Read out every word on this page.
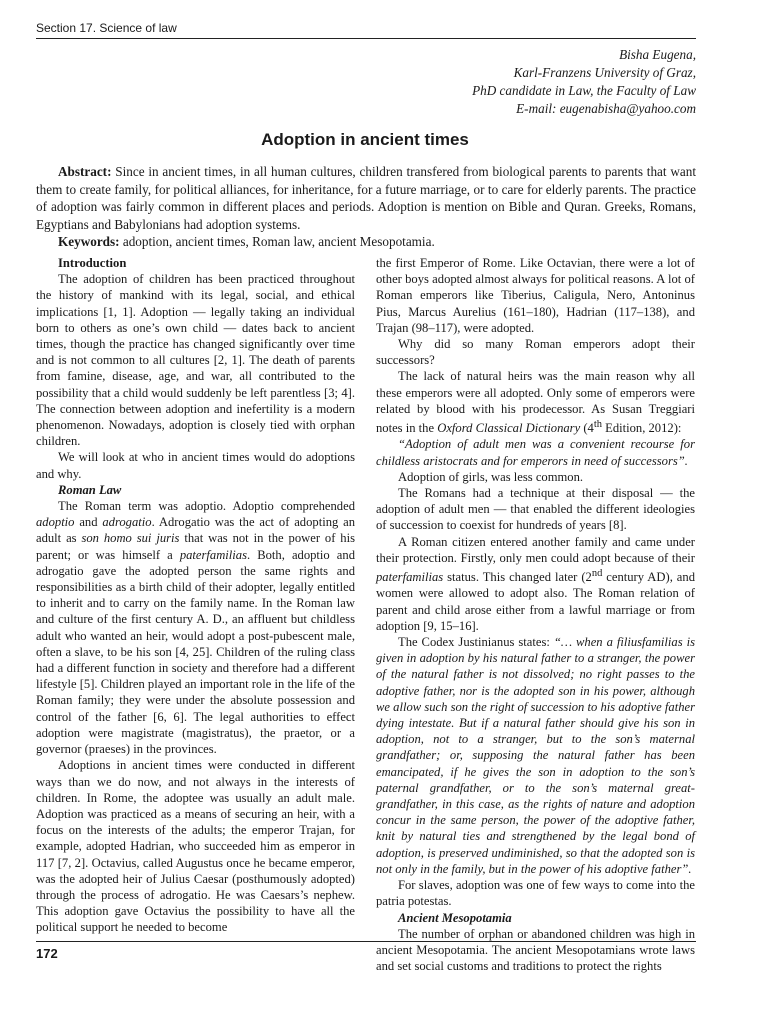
Section 17. Science of law
Bisha Eugena,
Karl-Franzens University of Graz,
PhD candidate in Law, the Faculty of Law
E-mail: eugenabisha@yahoo.com
Adoption in ancient times

Abstract: Since in ancient times, in all human cultures, children transfered from biological parents to parents that want them to create family, for political alliances, for inheritance, for a future marriage, or to care for elderly parents. The practice of adoption was fairly common in different places and periods. Adoption is mention on Bible and Quran. Greeks, Romans, Egyptians and Babylonians had adoption systems.

Keywords: adoption, ancient times, Roman law, ancient Mesopotamia.

Introduction

The adoption of children has been practiced throughout the history of mankind with its legal, social, and ethical implications [1, 1]. Adoption — legally taking an individual born to others as one’s own child — dates back to ancient times, though the practice has changed significantly over time and is not common to all cultures [2, 1]. The death of parents from famine, disease, age, and war, all contributed to the possibility that a child would suddenly be left parentless [3; 4]. The connection between adoption and inefertility is a modern phenomenon. Nowadays, adoption is closely tied with orphan children.

We will look at who in ancient times would do adoptions and why.

Roman Law

The Roman term was adoptio. Adoptio comprehended adoptio and adrogatio. Adrogatio was the act of adopting an adult as son homo sui juris that was not in the power of his parent; or was himself a paterfamilias. Both, adoptio and adrogatio gave the adopted person the same rights and responsibilities as a birth child of their adopter, legally entitled to inherit and to carry on the family name. In the Roman law and culture of the first century A. D., an affluent but childless adult who wanted an heir, would adopt a post-pubescent male, often a slave, to be his son [4, 25]. Children of the ruling class had a different function in society and therefore had a different lifestyle [5]. Children played an important role in the life of the Roman family; they were under the absolute possession and control of the father [6, 6]. The legal authorities to effect adoption were magistrate (magistratus), the praetor, or a governor (praeses) in the provinces.

Adoptions in ancient times were conducted in different ways than we do now, and not always in the interests of children. In Rome, the adoptee was usually an adult male. Adoption was practiced as a means of securing an heir, with a focus on the interests of the adults; the emperor Trajan, for example, adopted Hadrian, who succeeded him as emperor in 117 [7, 2]. Octavius, called Augustus once he became emperor, was the adopted heir of Julius Caesar (posthumously adopted) through the process of adrogatio. He was Caesars’s nephew. This adoption gave Octavius the possibility to have all the political support he needed to become

the first Emperor of Rome. Like Octavian, there were a lot of other boys adopted almost always for political reasons. A lot of Roman emperors like Tiberius, Caligula, Nero, Antoninus Pius, Marcus Aurelius (161–180), Hadrian (117–138), and Trajan (98–117), were adopted.

Why did so many Roman emperors adopt their successors?

The lack of natural heirs was the main reason why all these emperors were all adopted. Only some of emperors were related by blood with his prodecessor. As Susan Treggiari notes in the Oxford Classical Dictionary (4th Edition, 2012):

“Adoption of adult men was a convenient recourse for childless aristocrats and for emperors in need of successors”.

Adoption of girls, was less common.

The Romans had a technique at their disposal — the adoption of adult men — that enabled the different ideologies of succession to coexist for hundreds of years [8].

A Roman citizen entered another family and came under their protection. Firstly, only men could adopt because of their paterfamilias status. This changed later (2nd century AD), and women were allowed to adopt also. The Roman relation of parent and child arose either from a lawful marriage or from adoption [9, 15–16].

The Codex Justinianus states: “… when a filiusfamilias is given in adoption by his natural father to a stranger, the power of the natural father is not dissolved; no right passes to the adoptive father, nor is the adopted son in his power, although we allow such son the right of succession to his adoptive father dying intestate. But if a natural father should give his son in adoption, not to a stranger, but to the son’s maternal grandfather; or, supposing the natural father has been emancipated, if he gives the son in adoption to the son’s paternal grandfather, or to the son’s maternal great-grandfather, in this case, as the rights of nature and adoption concur in the same person, the power of the adoptive father, knit by natural ties and strengthened by the legal bond of adoption, is preserved undiminished, so that the adopted son is not only in the family, but in the power of his adoptive father”.

For slaves, adoption was one of few ways to come into the patria potestas.

Ancient Mesopotamia

The number of orphan or abandoned children was high in ancient Mesopotamia. The ancient Mesopotamians wrote laws and set social customs and traditions to protect the rights

172
